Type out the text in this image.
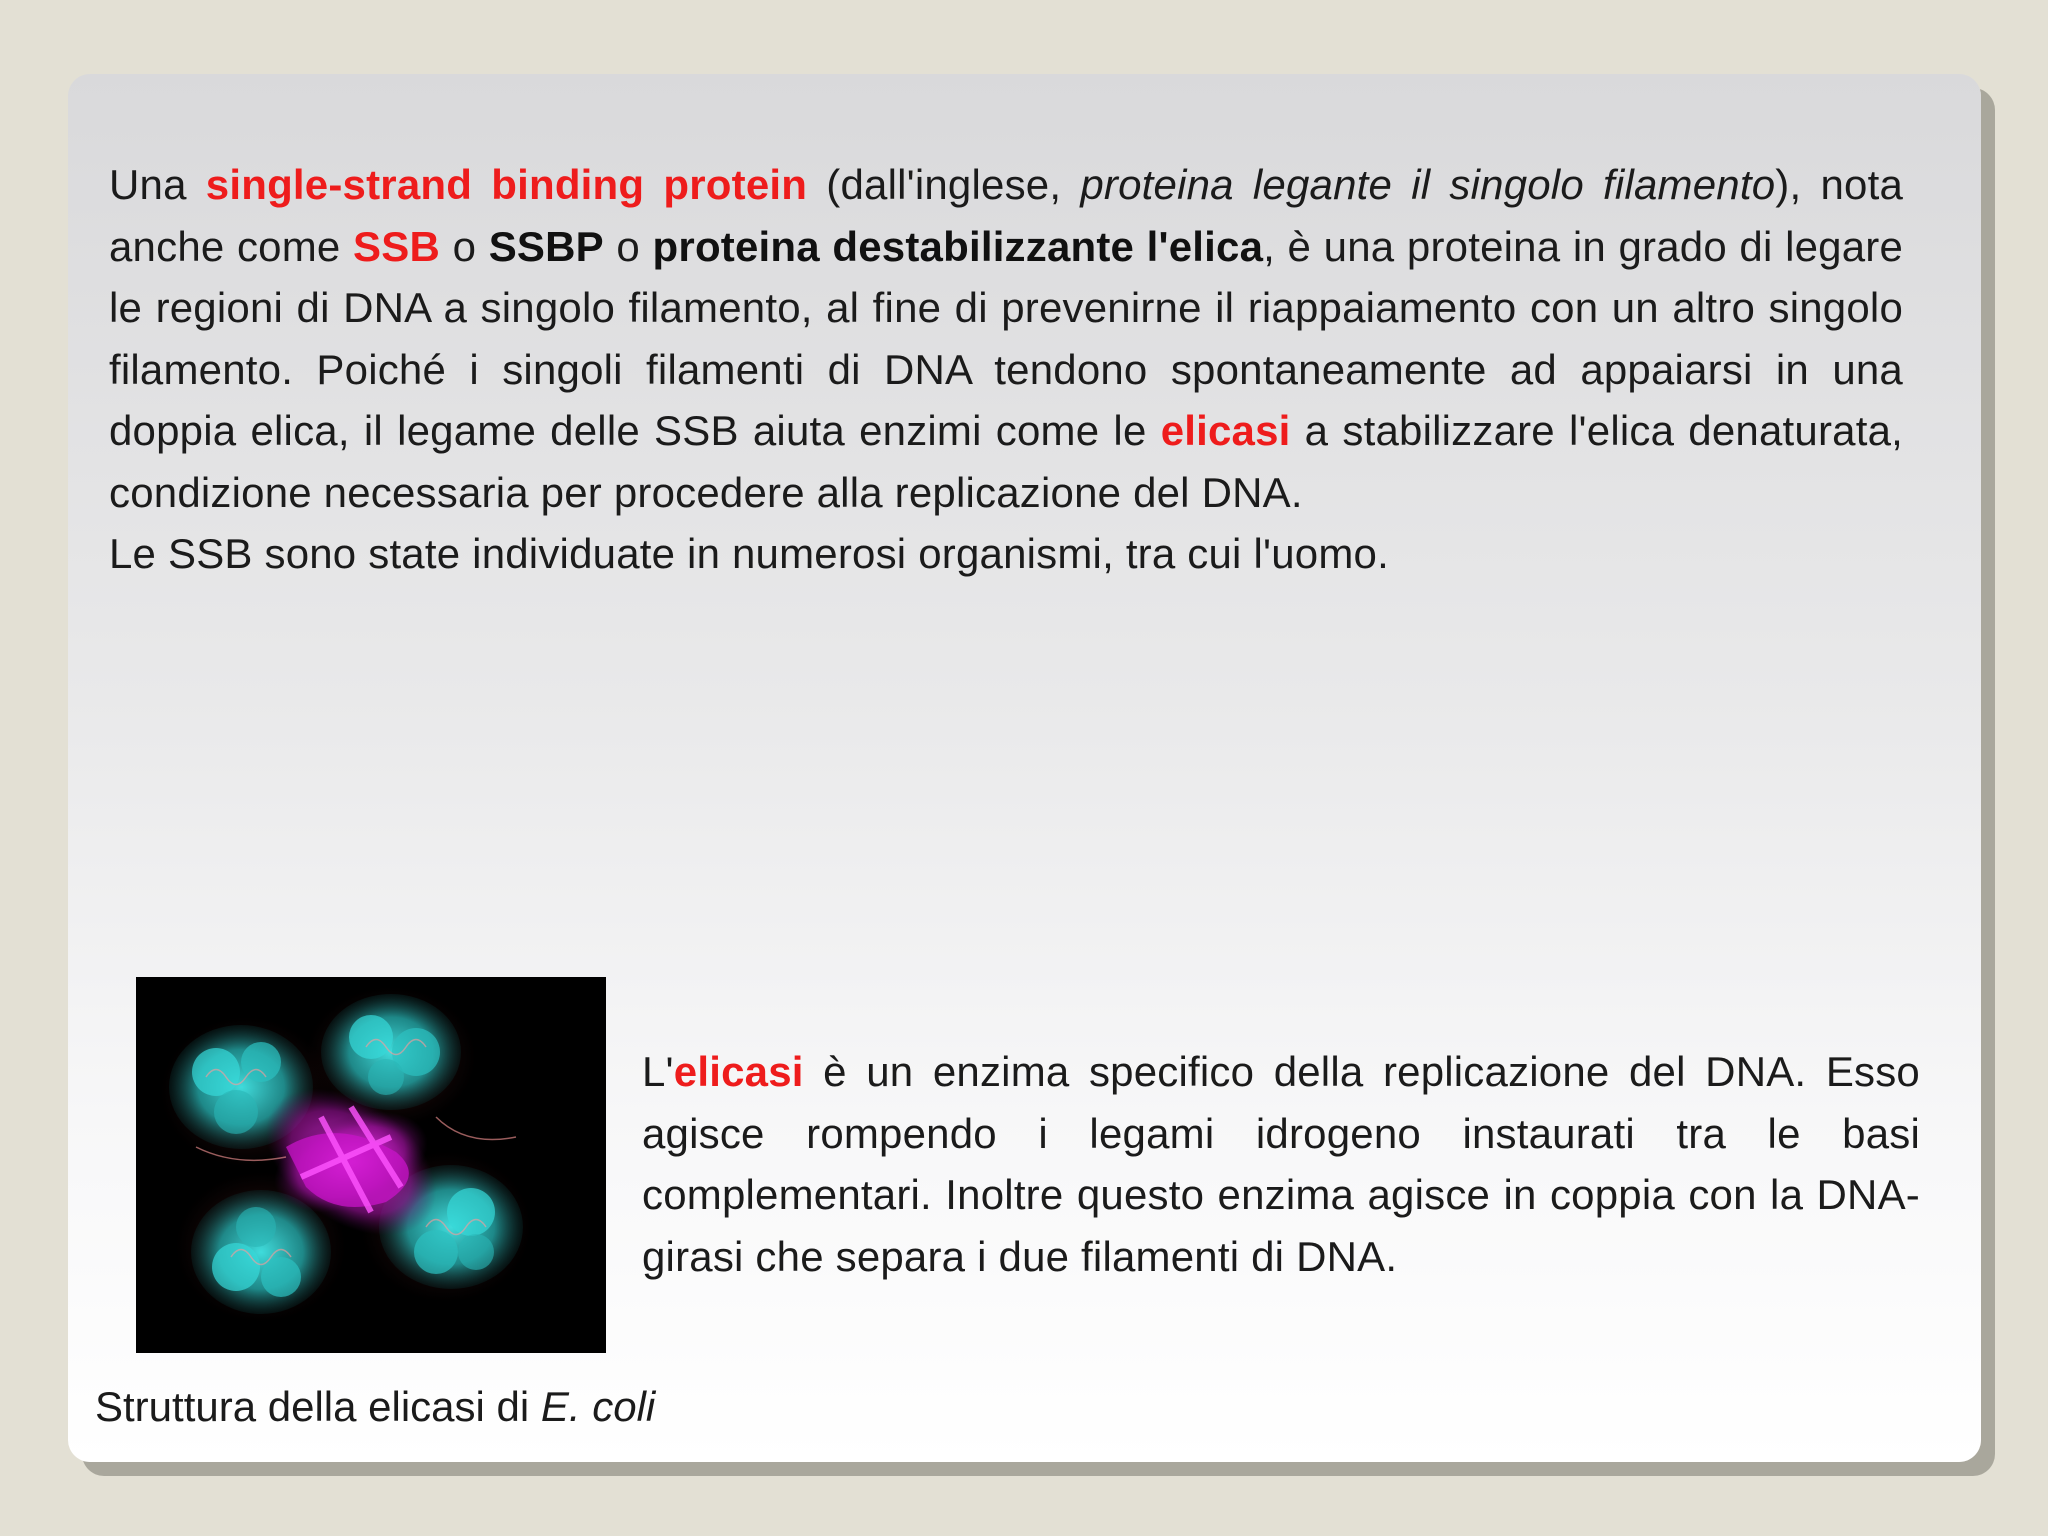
Una single-strand binding protein (dall'inglese, proteina legante il singolo filamento), nota anche come SSB o SSBP o proteina destabilizzante l'elica, è una proteina in grado di legare le regioni di DNA a singolo filamento, al fine di prevenirne il riappaiamento con un altro singolo filamento. Poiché i singoli filamenti di DNA tendono spontaneamente ad appaiarsi in una doppia elica, il legame delle SSB aiuta enzimi come le elicasi a stabilizzare l'elica denaturata, condizione necessaria per procedere alla replicazione del DNA.

Le SSB sono state individuate in numerosi organismi, tra cui l'uomo.

L'elicasi è un enzima specifico della replicazione del DNA. Esso agisce rompendo i legami idrogeno instaurati tra le basi complementari. Inoltre questo enzima agisce in coppia con la DNA-girasi che separa i due filamenti di DNA.

Struttura della elicasi di E. coli
